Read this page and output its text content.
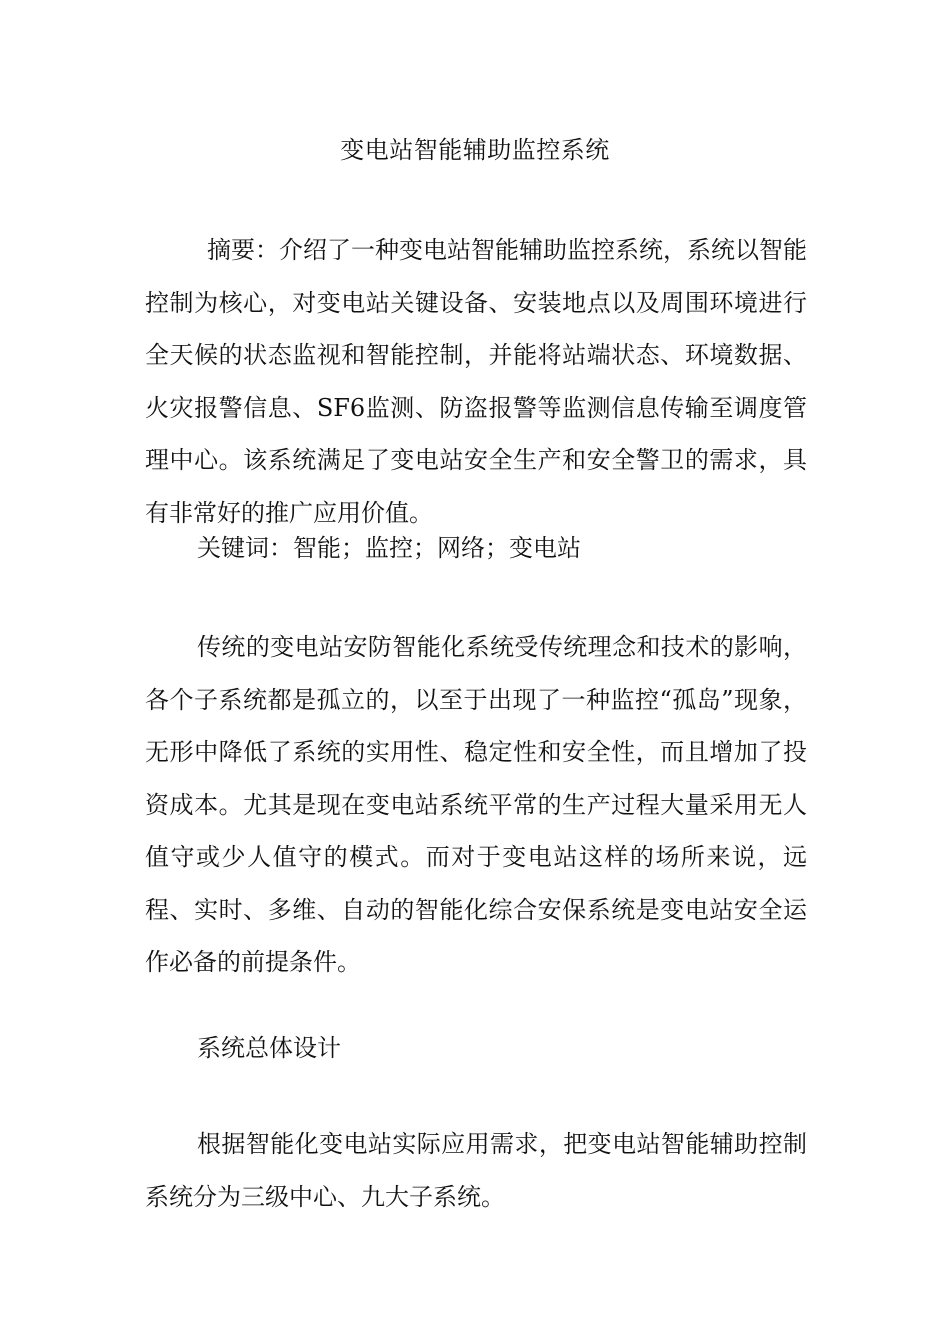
变电站智能辅助监控系统

摘要：介绍了一种变电站智能辅助监控系统，系统以智能控制为核心，对变电站关键设备、安装地点以及周围环境进行全天候的状态监视和智能控制，并能将站端状态、环境数据、火灾报警信息、SF6监测、防盗报警等监测信息传输至调度管理中心。该系统满足了变电站安全生产和安全警卫的需求，具有非常好的推广应用价值。

关键词：智能；监控；网络；变电站

传统的变电站安防智能化系统受传统理念和技术的影响，各个子系统都是孤立的，以至于出现了一种监控“孤岛”现象，无形中降低了系统的实用性、稳定性和安全性，而且增加了投资成本。尤其是现在变电站系统平常的生产过程大量采用无人值守或少人值守的模式。而对于变电站这样的场所来说，远程、实时、多维、自动的智能化综合安保系统是变电站安全运作必备的前提条件。

系统总体设计

根据智能化变电站实际应用需求，把变电站智能辅助控制系统分为三级中心、九大子系统。
